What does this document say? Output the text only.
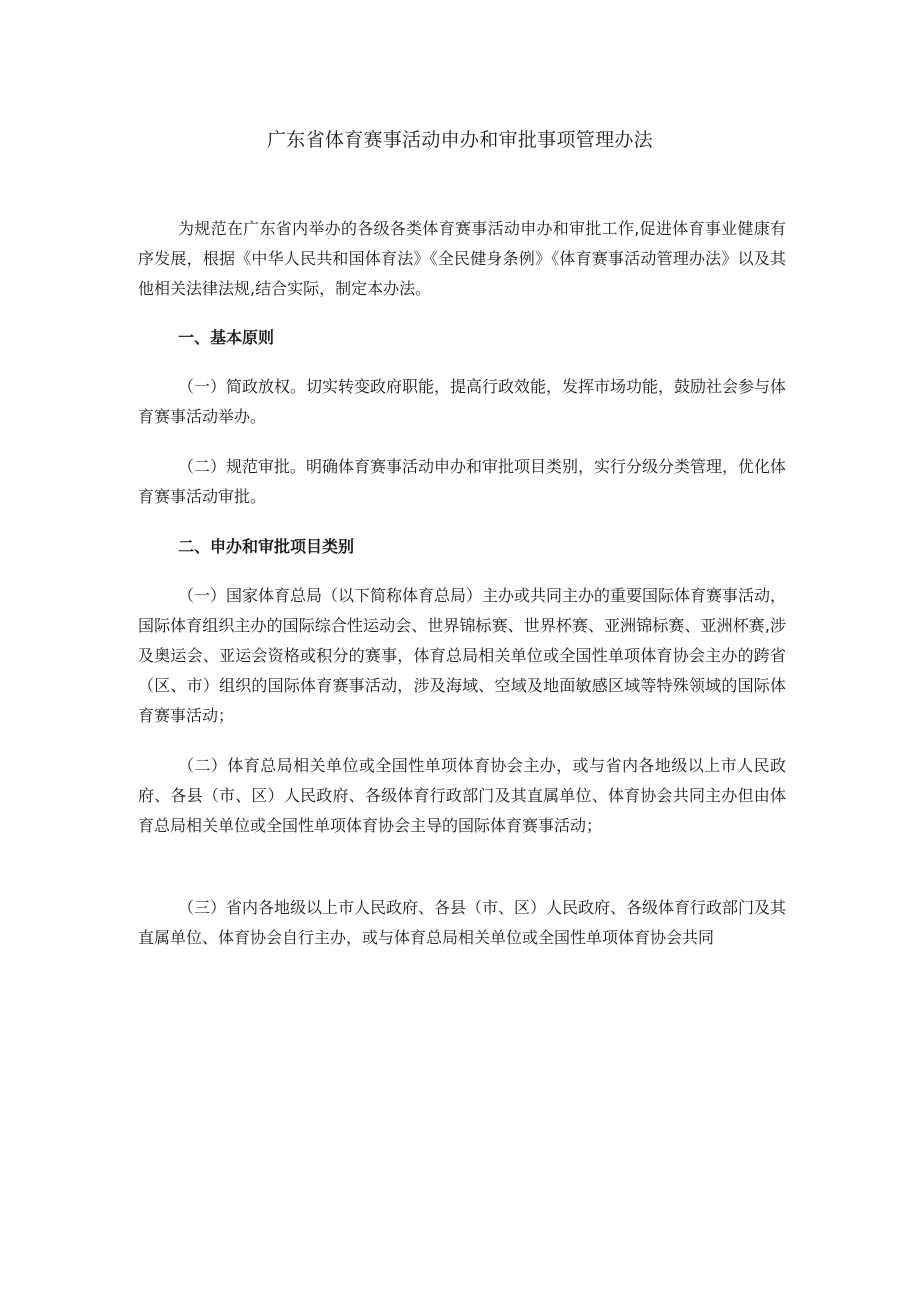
广东省体育赛事活动申办和审批事项管理办法

为规范在广东省内举办的各级各类体育赛事活动申办和审批工作,促进体育事业健康有序发展，根据《中华人民共和国体育法》《全民健身条例》《体育赛事活动管理办法》以及其他相关法律法规,结合实际，制定本办法。

一、基本原则

（一）简政放权。切实转变政府职能，提高行政效能，发挥市场功能，鼓励社会参与体育赛事活动举办。

（二）规范审批。明确体育赛事活动申办和审批项目类别，实行分级分类管理，优化体育赛事活动审批。

二、申办和审批项目类别

（一）国家体育总局（以下简称体育总局）主办或共同主办的重要国际体育赛事活动，国际体育组织主办的国际综合性运动会、世界锦标赛、世界杯赛、亚洲锦标赛、亚洲杯赛,涉及奥运会、亚运会资格或积分的赛事，体育总局相关单位或全国性单项体育协会主办的跨省（区、市）组织的国际体育赛事活动，涉及海域、空域及地面敏感区域等特殊领域的国际体育赛事活动；

（二）体育总局相关单位或全国性单项体育协会主办，或与省内各地级以上市人民政府、各县（市、区）人民政府、各级体育行政部门及其直属单位、体育协会共同主办但由体育总局相关单位或全国性单项体育协会主导的国际体育赛事活动；

（三）省内各地级以上市人民政府、各县（市、区）人民政府、各级体育行政部门及其直属单位、体育协会自行主办，或与体育总局相关单位或全国性单项体育协会共同
